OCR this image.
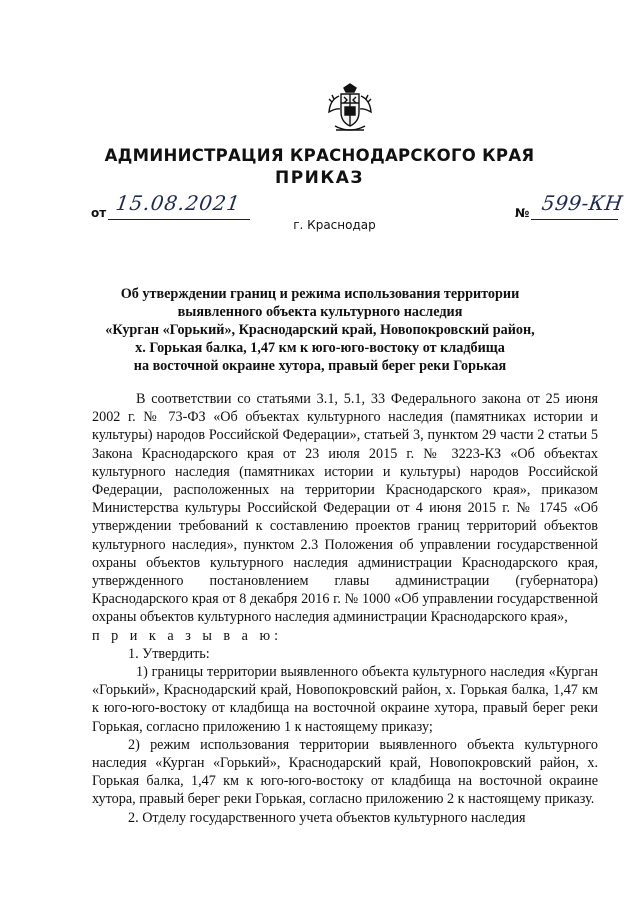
АДМИНИСТРАЦИЯ КРАСНОДАРСКОГО КРАЯ
ПРИКАЗ
от 15.08.2021
г. Краснодар
№ 599-КН
Об утверждении границ и режима использования территории
выявленного объекта культурного наследия
«Курган «Горький», Краснодарский край, Новопокровский район,
х. Горькая балка, 1,47 км к юго-юго-востоку от кладбища
на восточной окраине хутора, правый берег реки Горькая

В соответствии со статьями 3.1, 5.1, 33 Федерального закона от 25 июня 2002 г. № 73-ФЗ «Об объектах культурного наследия (памятниках истории и культуры) народов Российской Федерации», статьей 3, пунктом 29 части 2 статьи 5 Закона Краснодарского края от 23 июля 2015 г. № 3223-КЗ «Об объектах культурного наследия (памятниках истории и культуры) народов Российской Федерации, расположенных на территории Краснодарского края», приказом Министерства культуры Российской Федерации от 4 июня 2015 г. № 1745 «Об утверждении требований к составлению проектов границ территорий объектов культурного наследия», пунктом 2.3 Положения об управлении государственной охраны объектов культурного наследия администрации Краснодарского края, утвержденного постановлением главы администрации (губернатора) Краснодарского края от 8 декабря 2016 г. № 1000 «Об управлении государственной охраны объектов культурного наследия администрации Краснодарского края»,

п р и к а з ы в а ю:

1. Утвердить:

1) границы территории выявленного объекта культурного наследия «Курган «Горький», Краснодарский край, Новопокровский район, х. Горькая балка, 1,47 км к юго-юго-востоку от кладбища на восточной окраине хутора, правый берег реки Горькая, согласно приложению 1 к настоящему приказу;

2) режим использования территории выявленного объекта культурного наследия «Курган «Горький», Краснодарский край, Новопокровский район, х. Горькая балка, 1,47 км к юго-юго-востоку от кладбища на восточной окраине хутора, правый берег реки Горькая, согласно приложению 2 к настоящему приказу.

2. Отделу государственного учета объектов культурного наследия
